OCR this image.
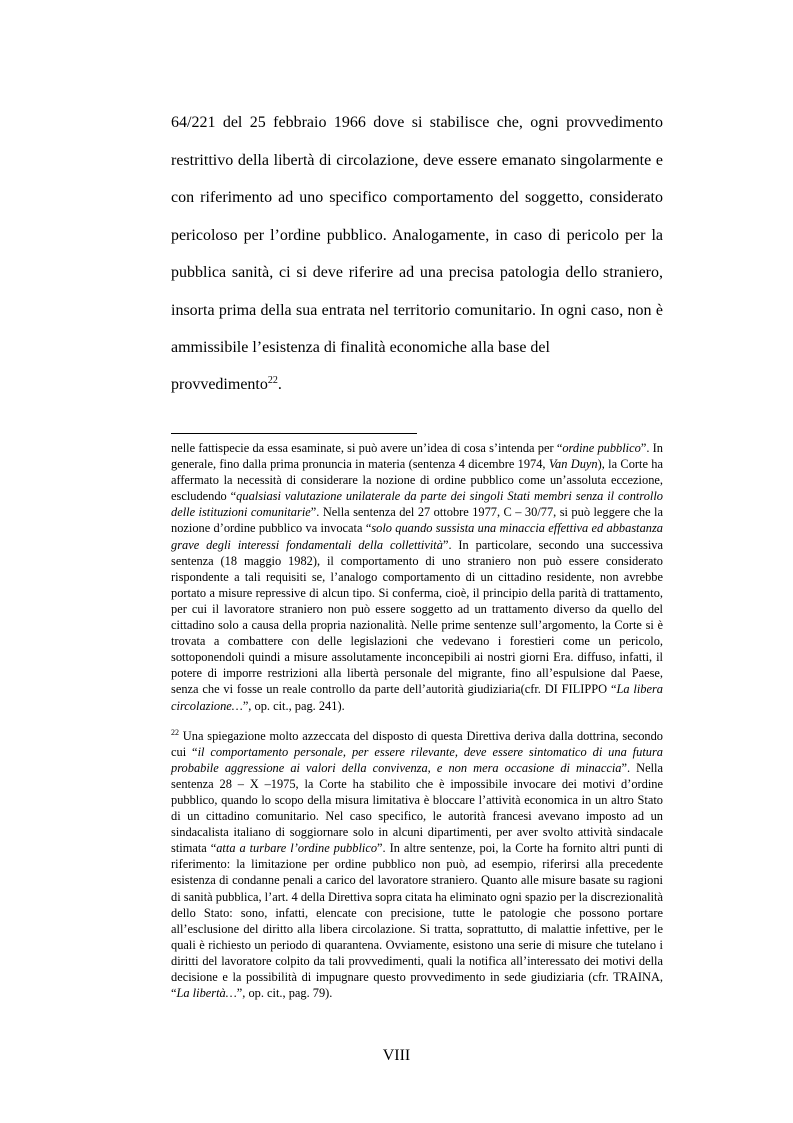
64/221 del 25 febbraio 1966 dove si stabilisce che, ogni provvedimento restrittivo della libertà di circolazione, deve essere emanato singolarmente e con riferimento ad uno specifico comportamento del soggetto, considerato pericoloso per l’ordine pubblico. Analogamente, in caso di pericolo per la pubblica sanità, ci si deve riferire ad una precisa patologia dello straniero, insorta prima della sua entrata nel territorio comunitario. In ogni caso, non è ammissibile l’esistenza di finalità economiche alla base del
provvedimento$^{22}$.

nelle fattispecie da essa esaminate, si può avere un’idea di cosa s’intenda per “ordine pubblico”. In generale, fino dalla prima pronuncia in materia (sentenza 4 dicembre 1974, Van Duyn), la Corte ha affermato la necessità di considerare la nozione di ordine pubblico come un’assoluta eccezione, escludendo “qualsiasi valutazione unilaterale da parte dei singoli Stati membri senza il controllo delle istituzioni comunitarie”. Nella sentenza del 27 ottobre 1977, C – 30/77, si può leggere che la nozione d’ordine pubblico va invocata “solo quando sussista una minaccia effettiva ed abbastanza grave degli interessi fondamentali della collettività”. In particolare, secondo una successiva sentenza (18 maggio 1982), il comportamento di uno straniero non può essere considerato rispondente a tali requisiti se, l’analogo comportamento di un cittadino residente, non avrebbe portato a misure repressive di alcun tipo. Si conferma, cioè, il principio della parità di trattamento, per cui il lavoratore straniero non può essere soggetto ad un trattamento diverso da quello del cittadino solo a causa della propria nazionalità. Nelle prime sentenze sull’argomento, la Corte si è trovata a combattere con delle legislazioni che vedevano i forestieri come un pericolo, sottoponendoli quindi a misure assolutamente inconcepibili ai nostri giorni Era. diffuso, infatti, il potere di imporre restrizioni alla libertà personale del migrante, fino all’espulsione dal Paese, senza che vi fosse un reale controllo da parte dell’autorità giudiziaria(cfr. DI FILIPPO “La libera circolazione…”, op. cit., pag. 241).

$^{22}$ Una spiegazione molto azzeccata del disposto di questa Direttiva deriva dalla dottrina, secondo cui “il comportamento personale, per essere rilevante, deve essere sintomatico di una futura probabile aggressione ai valori della convivenza, e non mera occasione di minaccia”. Nella sentenza 28 – X –1975, la Corte ha stabilito che è impossibile invocare dei motivi d’ordine pubblico, quando lo scopo della misura limitativa è bloccare l’attività economica in un altro Stato di un cittadino comunitario. Nel caso specifico, le autorità francesi avevano imposto ad un sindacalista italiano di soggiornare solo in alcuni dipartimenti, per aver svolto attività sindacale stimata “atta a turbare l’ordine pubblico”. In altre sentenze, poi, la Corte ha fornito altri punti di riferimento: la limitazione per ordine pubblico non può, ad esempio, riferirsi alla precedente esistenza di condanne penali a carico del lavoratore straniero. Quanto alle misure basate su ragioni di sanità pubblica, l’art. 4 della Direttiva sopra citata ha eliminato ogni spazio per la discrezionalità dello Stato: sono, infatti, elencate con precisione, tutte le patologie che possono portare all’esclusione del diritto alla libera circolazione. Si tratta, soprattutto, di malattie infettive, per le quali è richiesto un periodo di quarantena. Ovviamente, esistono una serie di misure che tutelano i diritti del lavoratore colpito da tali provvedimenti, quali la notifica all’interessato dei motivi della decisione e la possibilità di impugnare questo provvedimento in sede giudiziaria (cfr. TRAINA, “La libertà…”, op. cit., pag. 79).

VIII
